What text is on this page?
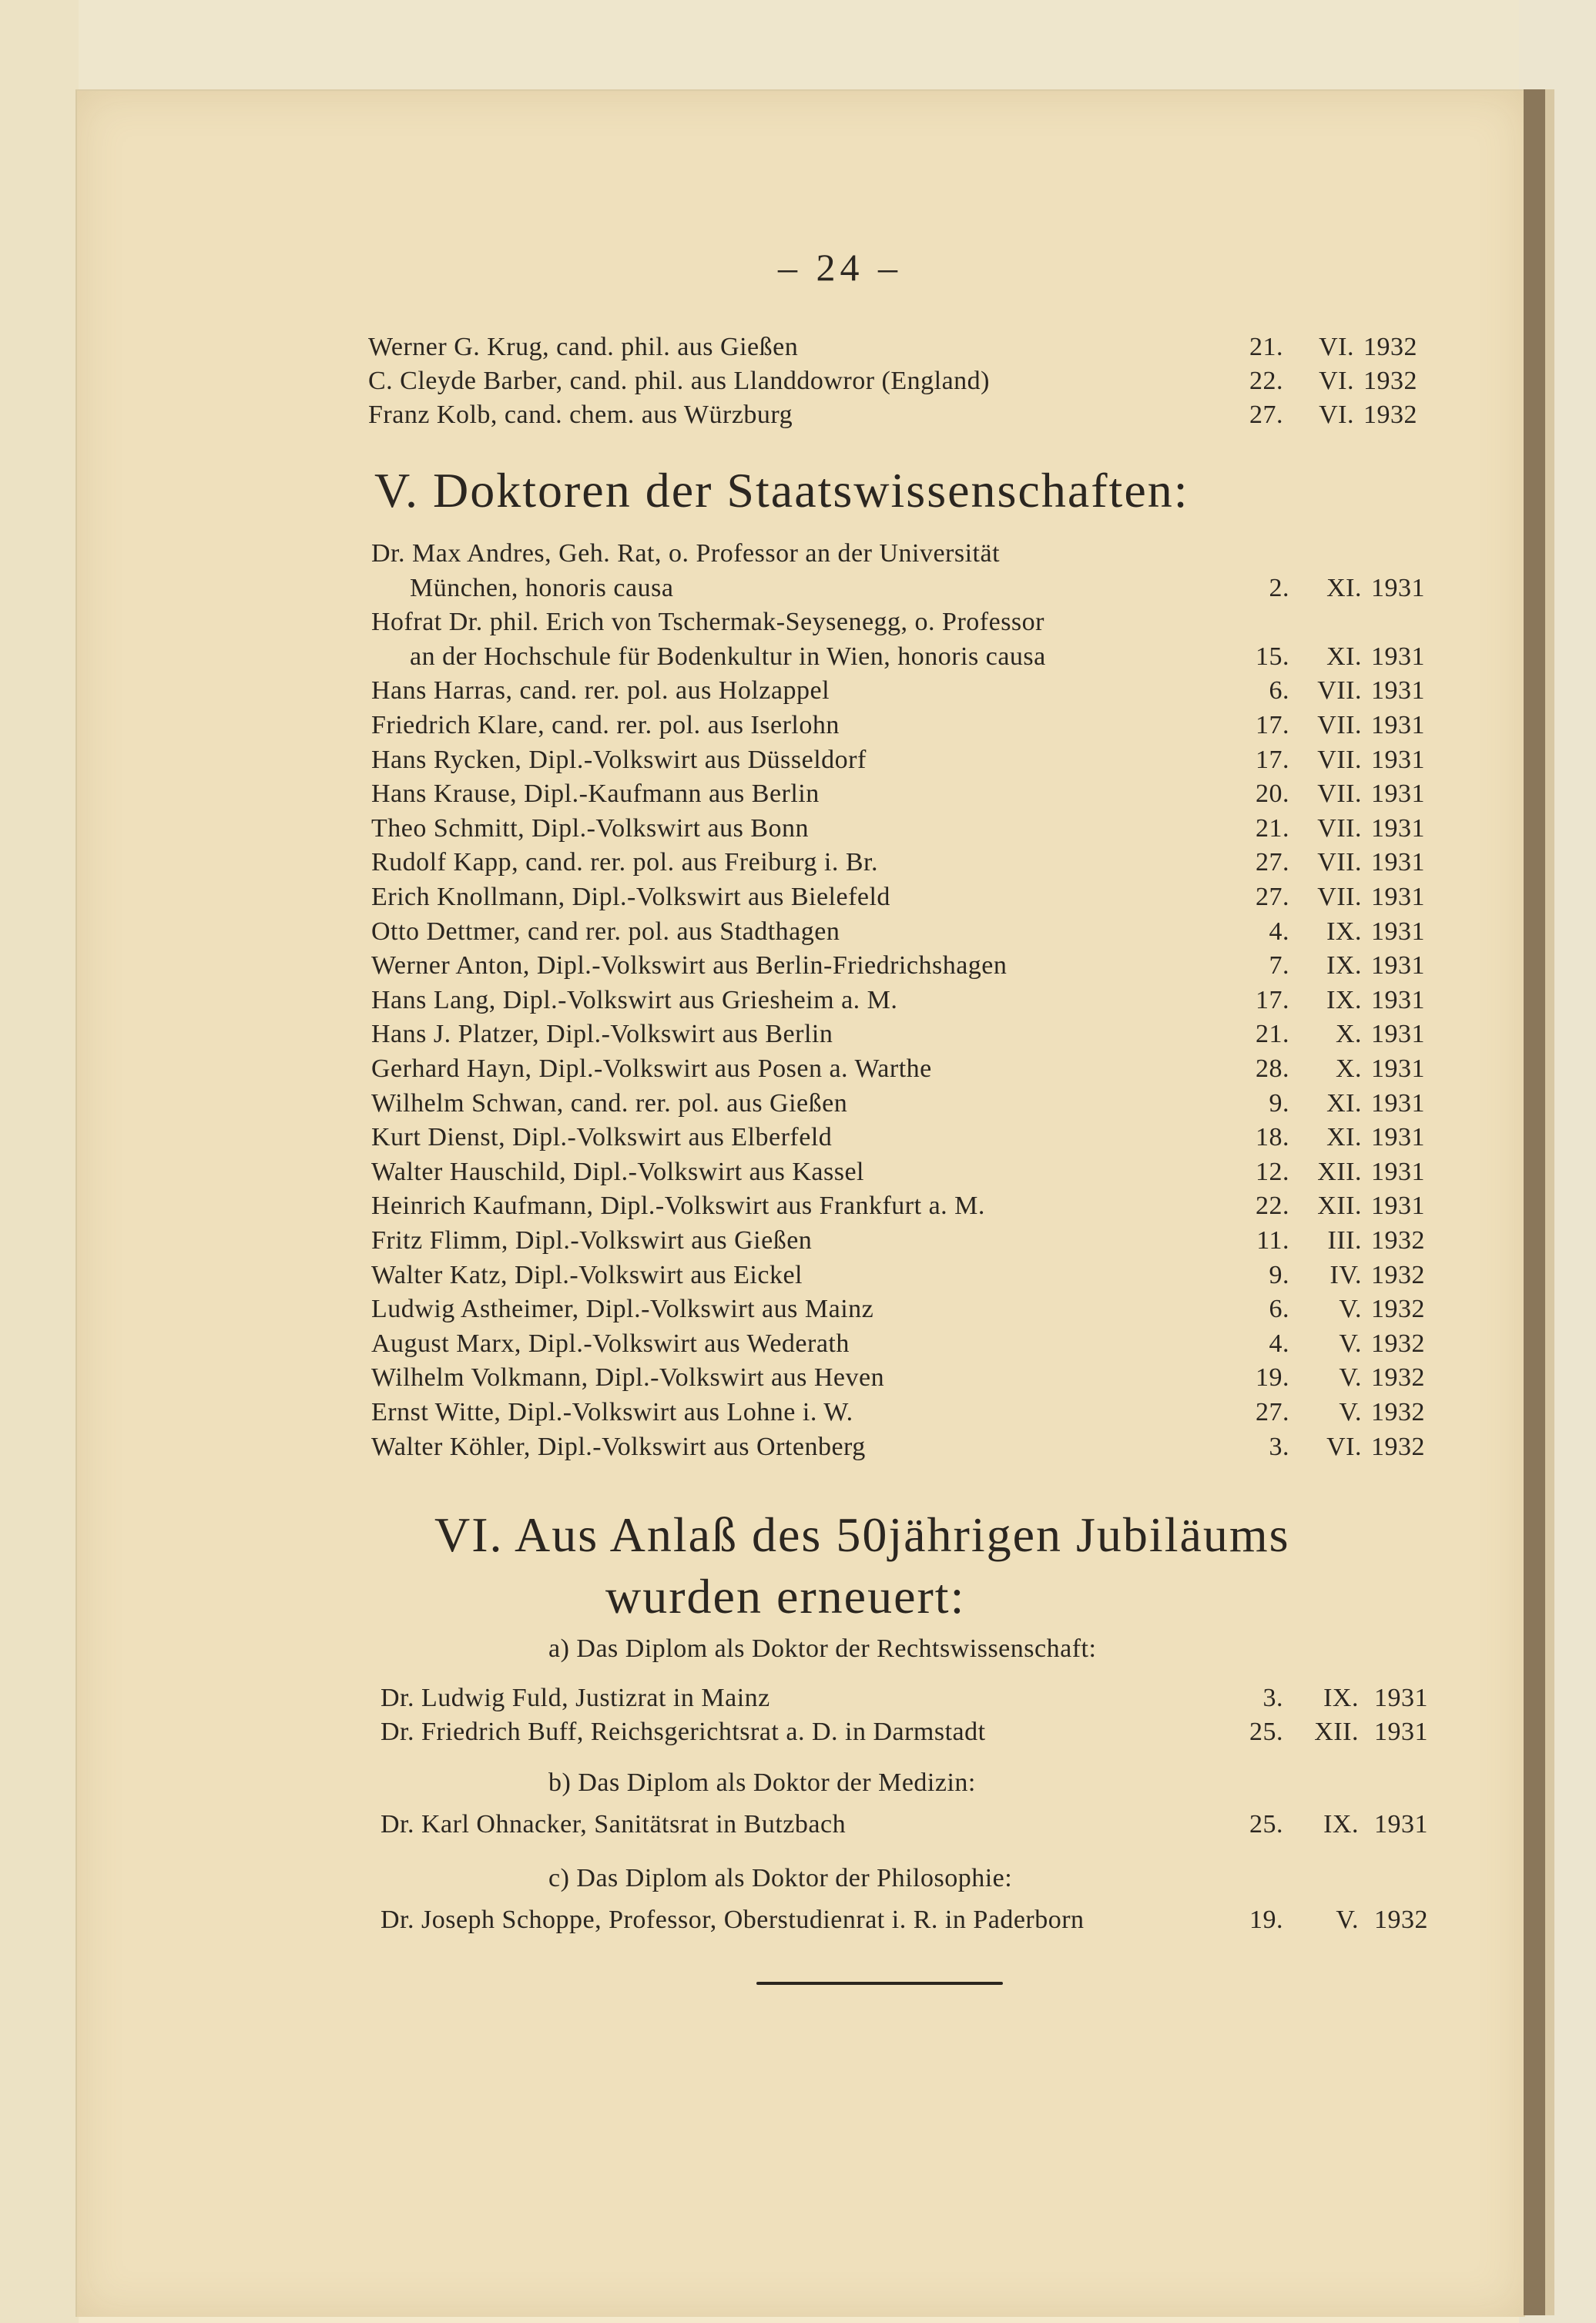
– 24 –
Werner G. Krug, cand. phil. aus Gießen	21.	VI. 1932
C. Cleyde Barber, cand. phil. aus Llanddowror (England)	22.	VI. 1932
Franz Kolb, cand. chem. aus Würzburg	27.	VI. 1932
V. Doktoren der Staatswissenschaften:
Dr. Max Andres, Geh. Rat, o. Professor an der Universität
München, honoris causa	2.	XI. 1931
Hofrat Dr. phil. Erich von Tschermak-Seysenegg, o. Professor
an der Hochschule für Bodenkultur in Wien, honoris causa	15.	XI. 1931
Hans Harras, cand. rer. pol. aus Holzappel	6.	VII. 1931
Friedrich Klare, cand. rer. pol. aus Iserlohn	17.	VII. 1931
Hans Rycken, Dipl.-Volkswirt aus Düsseldorf	17.	VII. 1931
Hans Krause, Dipl.-Kaufmann aus Berlin	20.	VII. 1931
Theo Schmitt, Dipl.-Volkswirt aus Bonn	21.	VII. 1931
Rudolf Kapp, cand. rer. pol. aus Freiburg i. Br.	27.	VII. 1931
Erich Knollmann, Dipl.-Volkswirt aus Bielefeld	27.	VII. 1931
Otto Dettmer, cand rer. pol. aus Stadthagen	4.	IX. 1931
Werner Anton, Dipl.-Volkswirt aus Berlin-Friedrichshagen	7.	IX. 1931
Hans Lang, Dipl.-Volkswirt aus Griesheim a. M.	17.	IX. 1931
Hans J. Platzer, Dipl.-Volkswirt aus Berlin	21.	X. 1931
Gerhard Hayn, Dipl.-Volkswirt aus Posen a. Warthe	28.	X. 1931
Wilhelm Schwan, cand. rer. pol. aus Gießen	9.	XI. 1931
Kurt Dienst, Dipl.-Volkswirt aus Elberfeld	18.	XI. 1931
Walter Hauschild, Dipl.-Volkswirt aus Kassel	12.	XII. 1931
Heinrich Kaufmann, Dipl.-Volkswirt aus Frankfurt a. M.	22.	XII. 1931
Fritz Flimm, Dipl.-Volkswirt aus Gießen	11.	III. 1932
Walter Katz, Dipl.-Volkswirt aus Eickel	9.	IV. 1932
Ludwig Astheimer, Dipl.-Volkswirt aus Mainz	6.	V. 1932
August Marx, Dipl.-Volkswirt aus Wederath	4.	V. 1932
Wilhelm Volkmann, Dipl.-Volkswirt aus Heven	19.	V. 1932
Ernst Witte, Dipl.-Volkswirt aus Lohne i. W.	27.	V. 1932
Walter Köhler, Dipl.-Volkswirt aus Ortenberg	3.	VI. 1932
VI. Aus Anlaß des 50jährigen Jubiläums
wurden erneuert:
a) Das Diplom als Doktor der Rechtswissenschaft:
Dr. Ludwig Fuld, Justizrat in Mainz	3.	IX. 1931
Dr. Friedrich Buff, Reichsgerichtsrat a. D. in Darmstadt	25.	XII. 1931
b) Das Diplom als Doktor der Medizin:
Dr. Karl Ohnacker, Sanitätsrat in Butzbach	25.	IX. 1931
c) Das Diplom als Doktor der Philosophie:
Dr. Joseph Schoppe, Professor, Oberstudienrat i. R. in Paderborn	19.	V. 1932
